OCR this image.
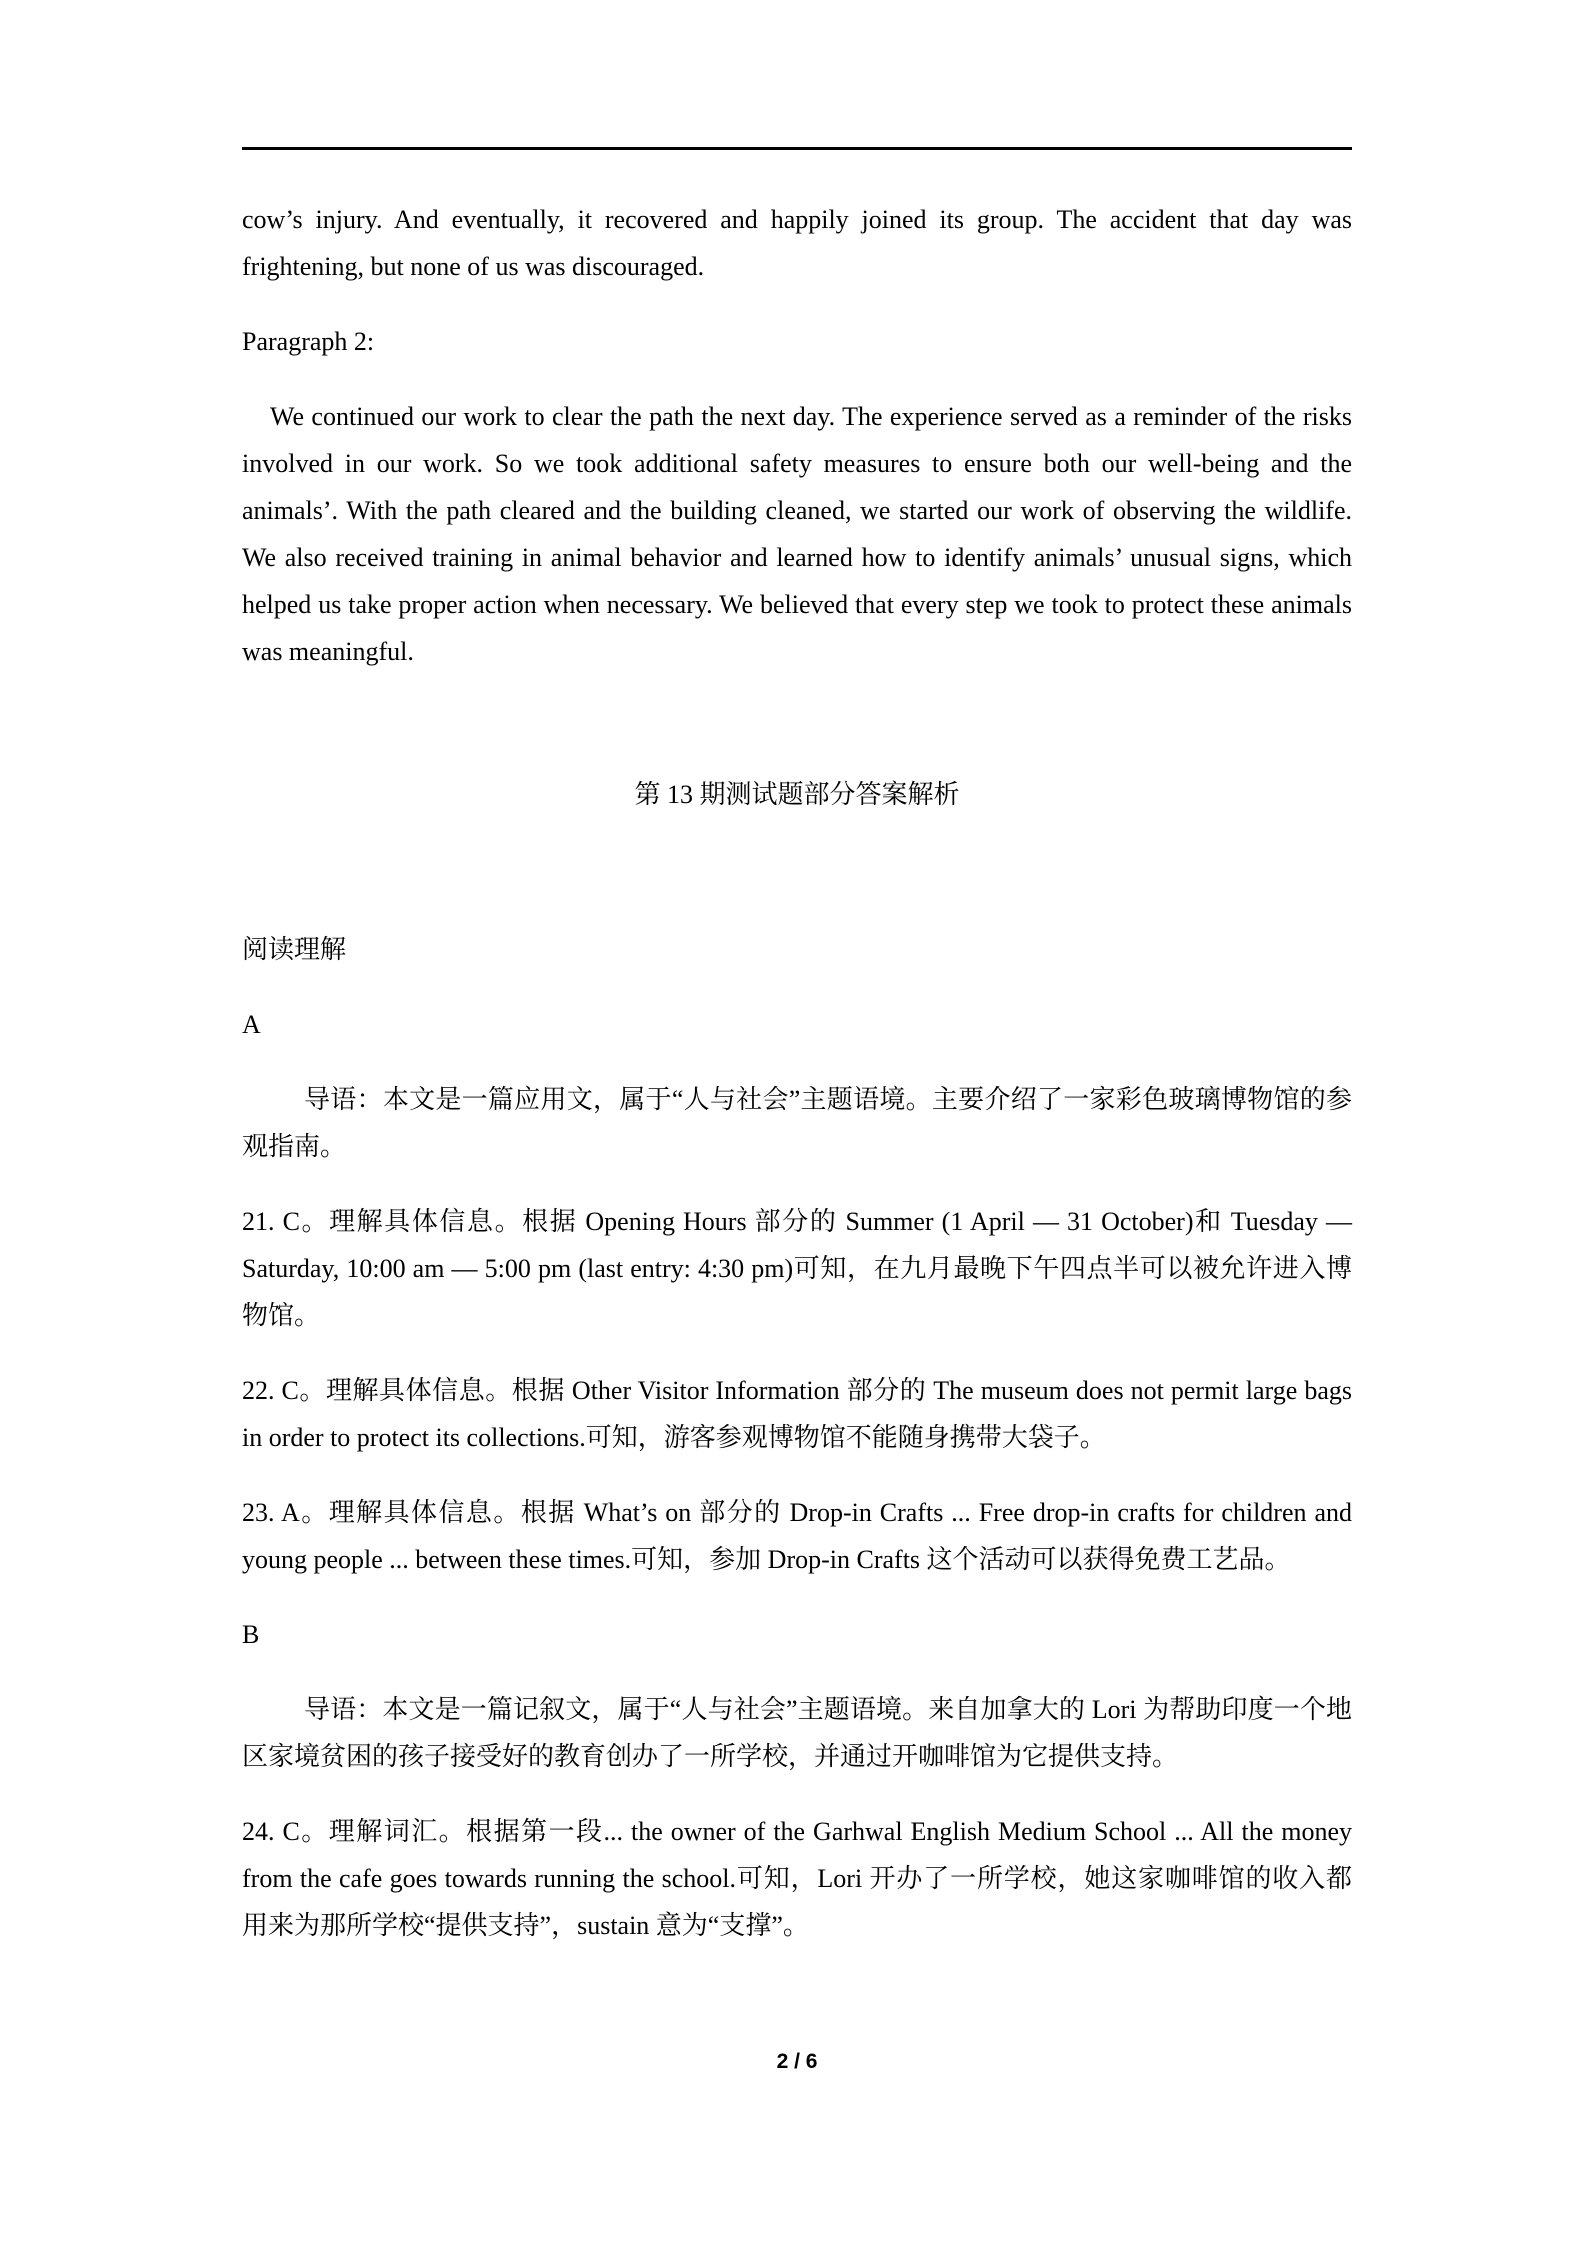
cow’s injury. And eventually, it recovered and happily joined its group. The accident that day was frightening, but none of us was discouraged.
Paragraph 2:
We continued our work to clear the path the next day. The experience served as a reminder of the risks involved in our work. So we took additional safety measures to ensure both our well-being and the animals’. With the path cleared and the building cleaned, we started our work of observing the wildlife. We also received training in animal behavior and learned how to identify animals’ unusual signs, which helped us take proper action when necessary. We believed that every step we took to protect these animals was meaningful.
第 13 期测试题部分答案解析
阅读理解
A
导语：本文是一篇应用文，属于“人与社会”主题语境。主要介绍了一家彩色玻璃博物馆的参观指南。
21. C。理解具体信息。根据 Opening Hours 部分的 Summer (1 April — 31 October)和 Tuesday — Saturday, 10:00 am — 5:00 pm (last entry: 4:30 pm)可知，在九月最晚下午四点半可以被允许进入博物馆。
22. C。理解具体信息。根据 Other Visitor Information 部分的 The museum does not permit large bags in order to protect its collections.可知，游客参观博物馆不能随身携带大袋子。
23. A。理解具体信息。根据 What’s on 部分的 Drop-in Crafts ... Free drop-in crafts for children and young people ... between these times.可知，参加 Drop-in Crafts 这个活动可以获得免费工艺品。
B
导语：本文是一篇记叙文，属于“人与社会”主题语境。来自加拿大的 Lori 为帮助印度一个地区家境贫困的孩子接受好的教育创办了一所学校，并通过开咖啡馆为它提供支持。
24. C。理解词汇。根据第一段... the owner of the Garhwal English Medium School ... All the money from the cafe goes towards running the school.可知，Lori 开办了一所学校，她这家咖啡馆的收入都用来为那所学校“提供支持”，sustain 意为“支撑”。
2 / 6
